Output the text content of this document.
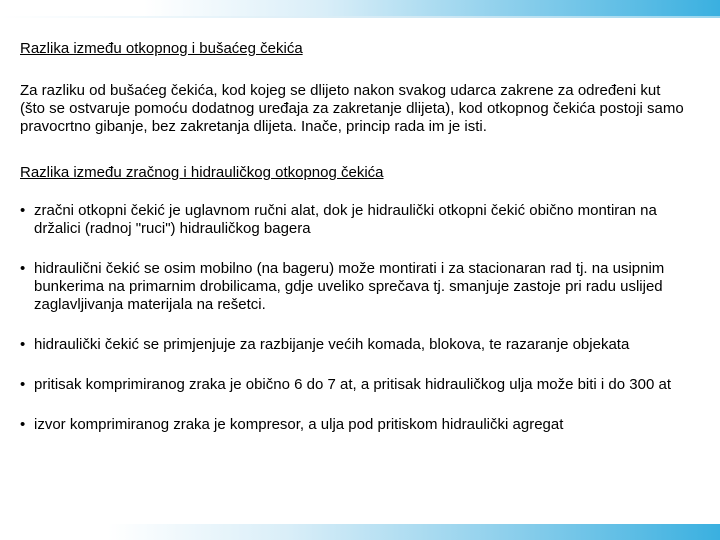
Razlika između otkopnog i bušaćeg čekića

Za razliku od bušaćeg čekića, kod kojeg se dlijeto nakon svakog udarca zakrene za određeni kut (što se ostvaruje pomoću dodatnog uređaja za zakretanje dlijeta), kod otkopnog čekića postoji samo pravocrtno gibanje, bez zakretanja dlijeta. Inače, princip rada im je isti.

Razlika između zračnog i hidrauličkog otkopnog čekića

• zračni otkopni čekić je uglavnom ručni alat, dok je hidraulički otkopni čekić obično montiran na držalici (radnoj "ruci") hidrauličkog bagera
• hidraulični čekić se osim mobilno (na bageru) može montirati i za stacionaran rad tj. na usipnim bunkerima na primarnim drobilicama, gdje uveliko sprečava tj. smanjuje zastoje pri radu uslijed zaglavljivanja materijala na rešetci.
• hidraulički čekić se primjenjuje za razbijanje većih komada, blokova, te razaranje objekata
• pritisak komprimiranog zraka je obično 6 do 7 at, a pritisak hidrauličkog ulja može biti i do 300 at
• izvor komprimiranog zraka je kompresor, a ulja pod pritiskom hidraulički agregat
